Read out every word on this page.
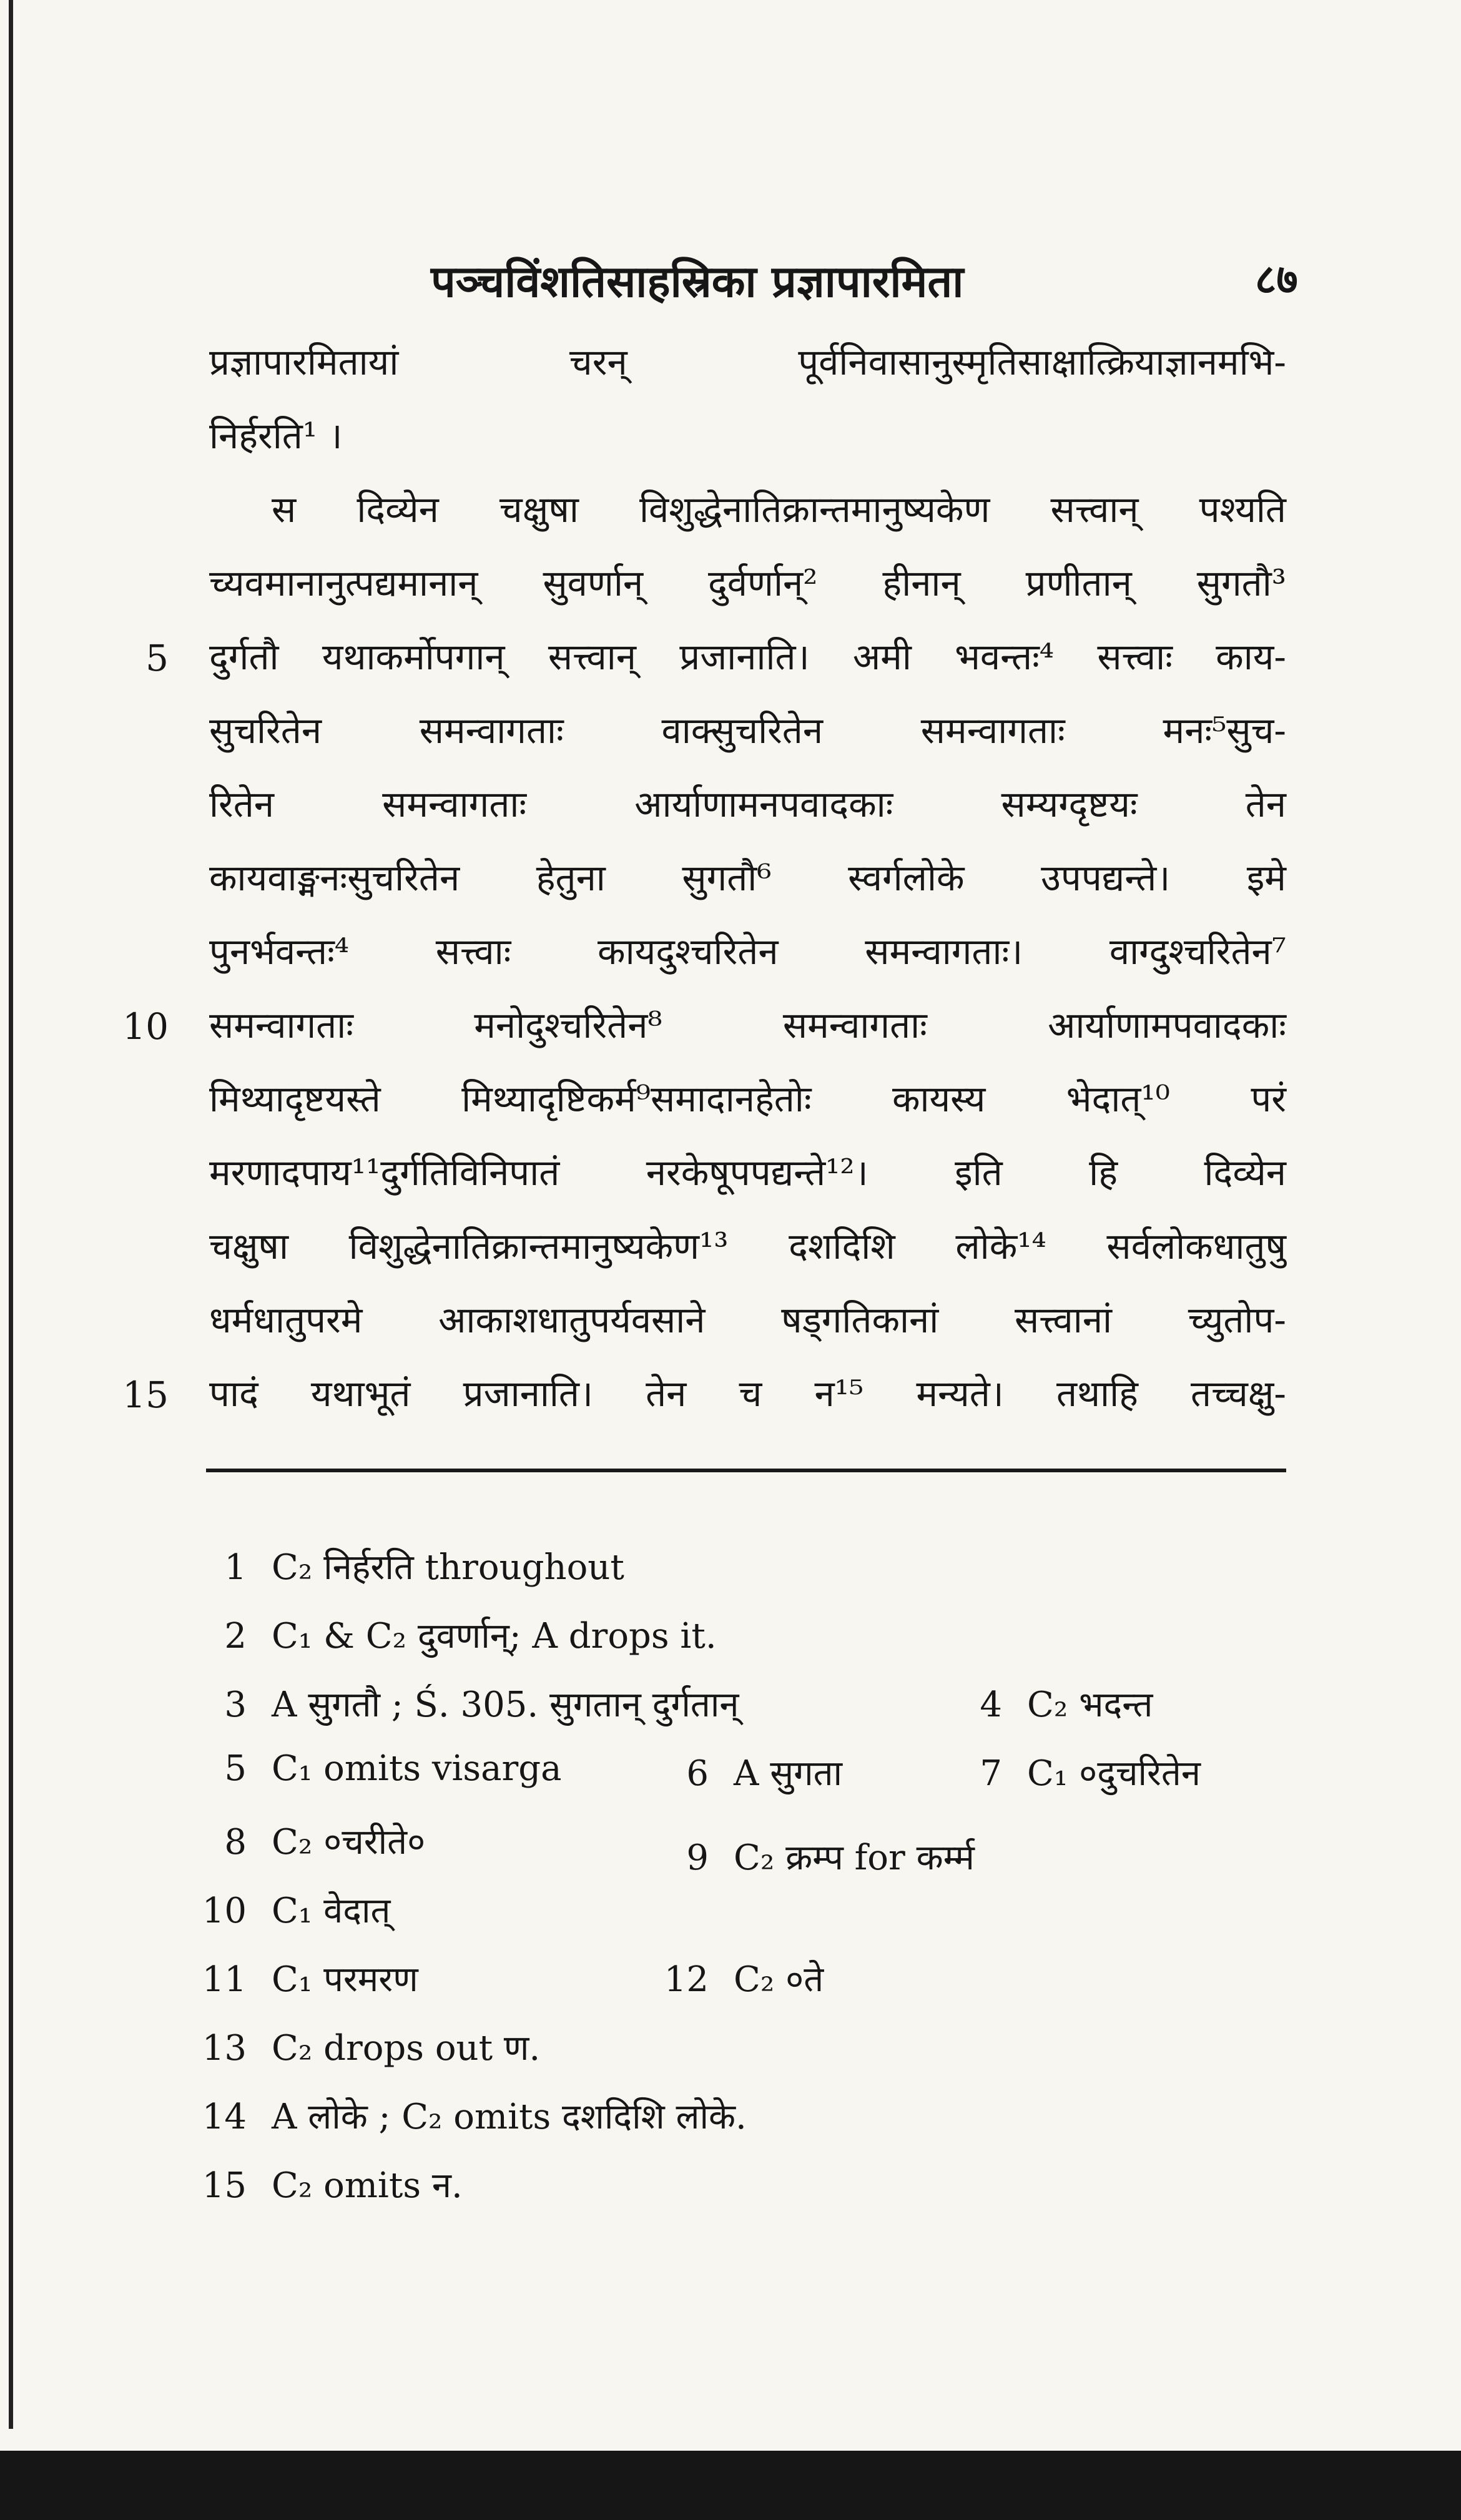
पञ्चविंशतिसाहस्रिका प्रज्ञापारमिता	८७
प्रज्ञापारमितायां चरन् पूर्वनिवासानुस्मृतिसाक्षात्क्रियाज्ञानमभि-
निर्हरति¹ ।
स दिव्येन चक्षुषा विशुद्धेनातिक्रान्तमानुष्यकेण सत्त्वान् पश्यति
च्यवमानानुत्पद्यमानान् सुवर्णान् दुर्वर्णान्² हीनान् प्रणीतान् सुगतौ³
5 दुर्गतौ यथाकर्मोपगान् सत्त्वान् प्रजानाति। अमी भवन्तः⁴ सत्त्वाः काय-
सुचरितेन समन्वागताः वाक्सुचरितेन समन्वागताः मनः⁵सुच-
रितेन समन्वागताः आर्याणामनपवादकाः सम्यग्दृष्टयः तेन
कायवाङ्मनःसुचरितेन हेतुना सुगतौ⁶ स्वर्गलोके उपपद्यन्ते। इमे
पुनर्भवन्तः⁴ सत्त्वाः कायदुश्चरितेन समन्वागताः। वाग्दुश्चरितेन⁷
10 समन्वागताः मनोदुश्चरितेन⁸ समन्वागताः आर्याणामपवादकाः
मिथ्यादृष्टयस्ते मिथ्यादृष्टिकर्म⁹समादानहेतोः कायस्य भेदात्¹⁰ परं
मरणादपाय¹¹दुर्गतिविनिपातं नरकेषूपपद्यन्ते¹²। इति हि दिव्येन
चक्षुषा विशुद्धेनातिक्रान्तमानुष्यकेण¹³ दशदिशि लोके¹⁴ सर्वलोकधातुषु
धर्मधातुपरमे आकाशधातुपर्यवसाने षड्गतिकानां सत्त्वानां च्युतोप-
15 पादं यथाभूतं प्रजानाति। तेन च न¹⁵ मन्यते। तथाहि तच्चक्षु-
1 C₂ निर्हरति throughout
2 C₁ & C₂ दुवर्णान्; A drops it.
3 A सुगतौ ; Ś. 305. सुगतान् दुर्गतान्	4 C₂ भदन्त
5 C₁ omits visarga	6 A सुगता	7 C₁ ०दुचरितेन
8 C₂ ०चरीते०	9 C₂ क्रम्प for कर्म्म
10 C₁ वेदात्
11 C₁ परमरण	12 C₂ ०ते
13 C₂ drops out ण.
14 A लोके ; C₂ omits दशदिशि लोके.
15 C₂ omits न.
